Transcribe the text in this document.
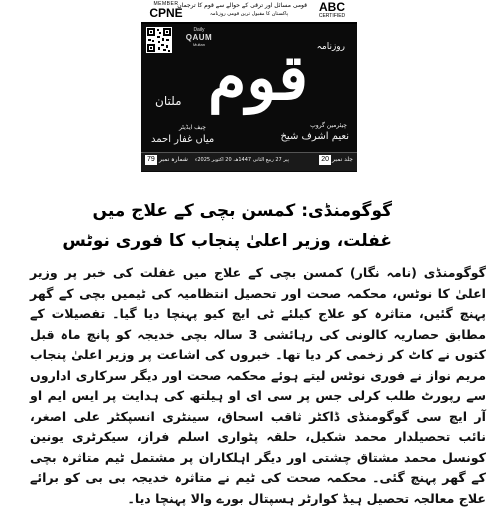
MEMBER
CPNE
قومی مسائل اور ترقی کے حوالے سے قوم کا ترجمان
پاکستان کا مقبول ترین قومی روزنامہ	ABC
CERTIFIED
Daily
QAUM
Multan	روزنامہ
قوم
ملتان
چیئرمین گروپ
نعیم اشرف شیخ
چیف ایڈیٹر
میاں غفار احمد
جلد نمبر
20
پیر 27 ربیع الثانی 1447ھ، 20 اکتوبر 2025ء
شمارہ نمبر
79
گوگومنڈی: کمسن بچی کے علاج میں
غفلت، وزیر اعلیٰ پنجاب کا فوری نوٹس
گوگومنڈی (نامہ نگار) کمسن بچی کے علاج میں غفلت کی خبر پر وزیر اعلیٰ کا نوٹس، محکمہ صحت اور تحصیل انتظامیہ کی ٹیمیں بچی کے گھر پہنچ گئیں، متاثرہ کو علاج کیلئے ٹی ایچ کیو پہنچا دیا گیا۔ تفصیلات کے مطابق حصاریہ کالونی کی رہائشی 3 سالہ بچی خدیجہ کو پانچ ماہ قبل کتوں نے کاٹ کر زخمی کر دیا تھا۔ خبروں کی اشاعت پر وزیر اعلیٰ پنجاب مریم نواز نے فوری نوٹس لیتے ہوئے محکمہ صحت اور دیگر سرکاری اداروں سے رپورٹ طلب کرلی جس پر سی ای او ہیلتھ کی ہدایت پر ایس ایم او آر ایچ سی گوگومنڈی ڈاکٹر ثاقب اسحاق، سینٹری انسپکٹر علی اصغر، نائب تحصیلدار محمد شکیل، حلقہ پٹواری اسلم فراز، سیکرٹری یونین کونسل محمد مشتاق چشتی اور دیگر اہلکاران پر مشتمل ٹیم متاثرہ بچی کے گھر پہنچ گئی۔ محکمہ صحت کی ٹیم نے متاثرہ خدیجہ بی بی کو برائے علاج معالجہ تحصیل ہیڈ کوارٹر ہسپتال بورے والا پہنچا دیا۔
